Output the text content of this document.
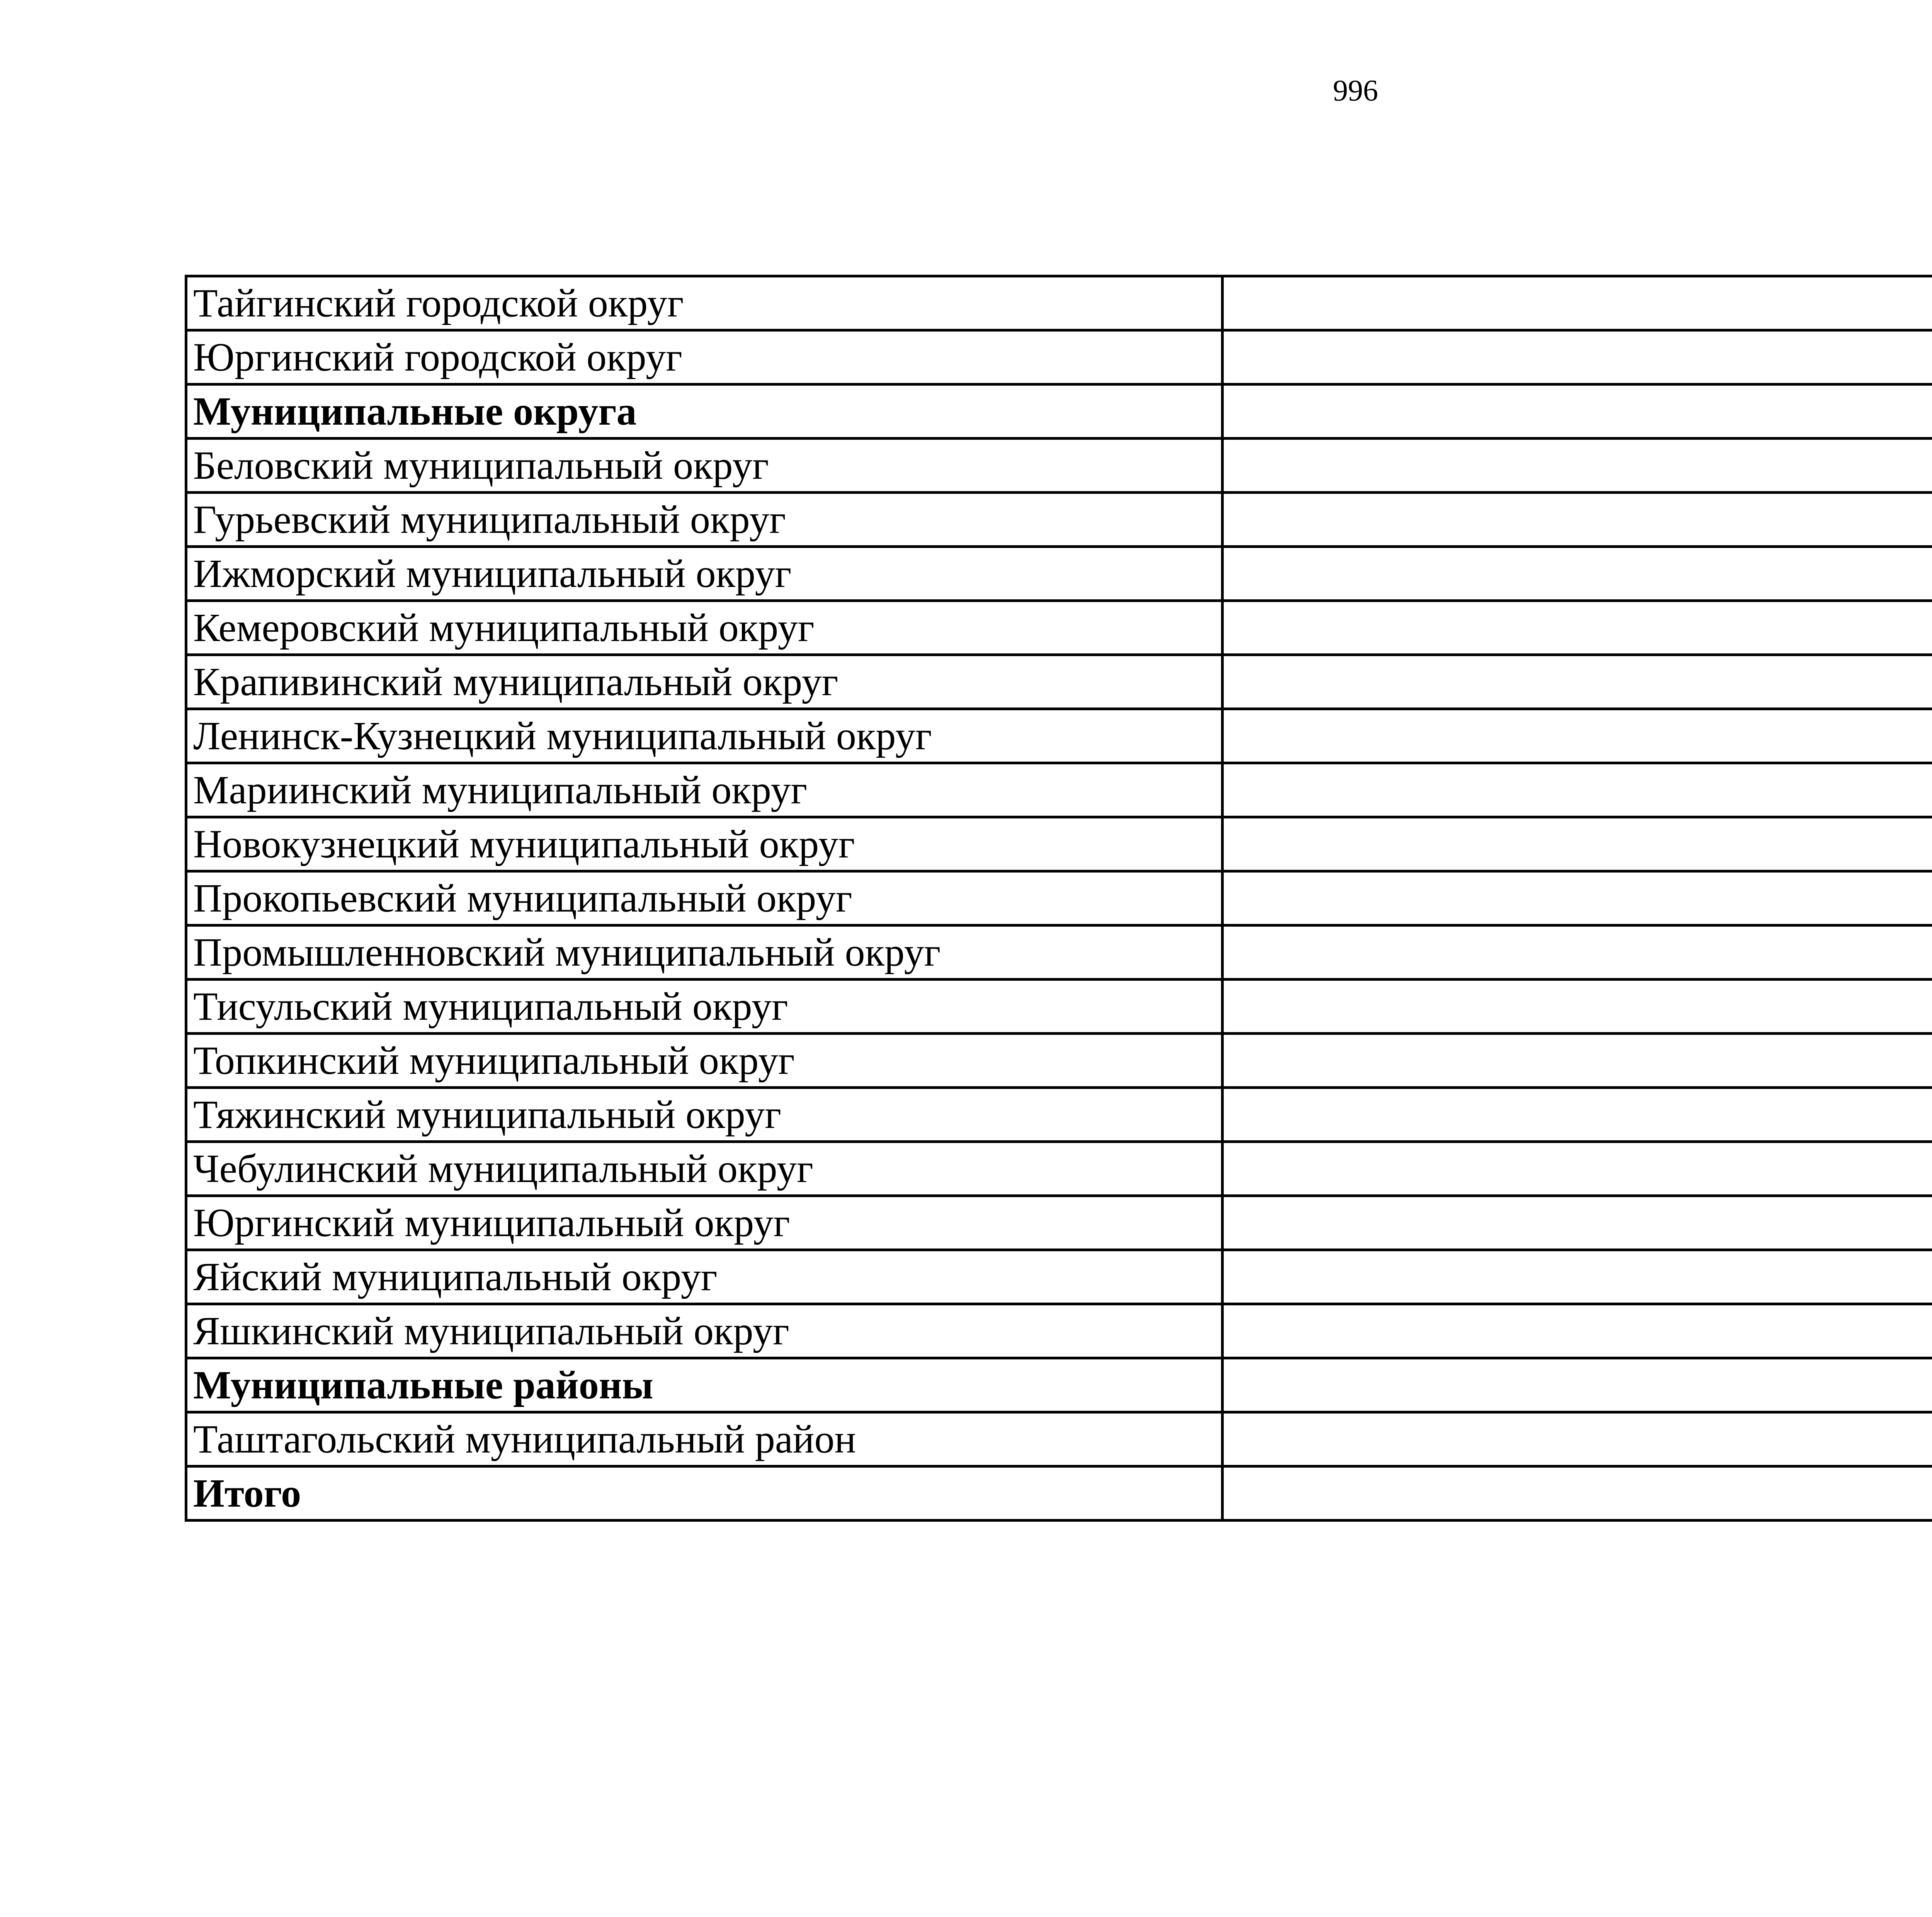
996
Тайгинский городской округ	
Юргинский городской округ	
Муниципальные округа	
Беловский муниципальный округ	
Гурьевский муниципальный округ	
Ижморский муниципальный округ	
Кемеровский муниципальный округ	
Крапивинский муниципальный округ	
Ленинск-Кузнецкий муниципальный округ	
Мариинский муниципальный округ	
Новокузнецкий муниципальный округ	
Прокопьевский муниципальный округ	
Промышленновский муниципальный округ	
Тисульский муниципальный округ	
Топкинский муниципальный округ	
Тяжинский муниципальный округ	
Чебулинский муниципальный округ	
Юргинский муниципальный округ	
Яйский муниципальный округ	
Яшкинский муниципальный округ	
Муниципальные районы	
Таштагольский муниципальный район	
Итого	
